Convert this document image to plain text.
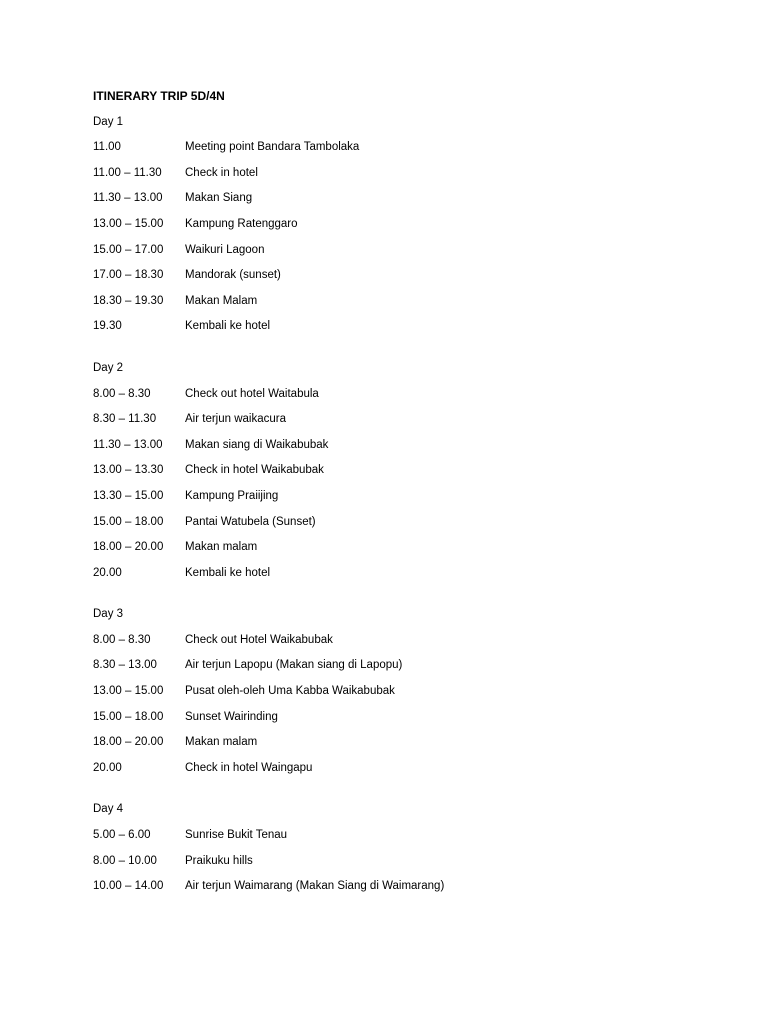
ITINERARY TRIP 5D/4N
Day 1
11.00	Meeting point Bandara Tambolaka
11.00 – 11.30	Check in hotel
11.30 – 13.00	Makan Siang
13.00 – 15.00	Kampung Ratenggaro
15.00 – 17.00	Waikuri Lagoon
17.00 – 18.30	Mandorak (sunset)
18.30 – 19.30	Makan Malam
19.30	Kembali ke hotel
Day 2
8.00 – 8.30	Check out hotel Waitabula
8.30 – 11.30	Air terjun waikacura
11.30 – 13.00	Makan siang di Waikabubak
13.00 – 13.30	Check in hotel Waikabubak
13.30 – 15.00	Kampung Praiijing
15.00 – 18.00	Pantai Watubela (Sunset)
18.00 – 20.00	Makan malam
20.00	Kembali ke hotel
Day 3
8.00 – 8.30	Check out Hotel Waikabubak
8.30 – 13.00	Air terjun Lapopu (Makan siang di Lapopu)
13.00 – 15.00	Pusat oleh-oleh Uma Kabba Waikabubak
15.00 – 18.00	Sunset Wairinding
18.00 – 20.00	Makan malam
20.00	Check in hotel Waingapu
Day 4
5.00 – 6.00	Sunrise Bukit Tenau
8.00 – 10.00	Praikuku hills
10.00 – 14.00	Air terjun Waimarang (Makan Siang di Waimarang)
